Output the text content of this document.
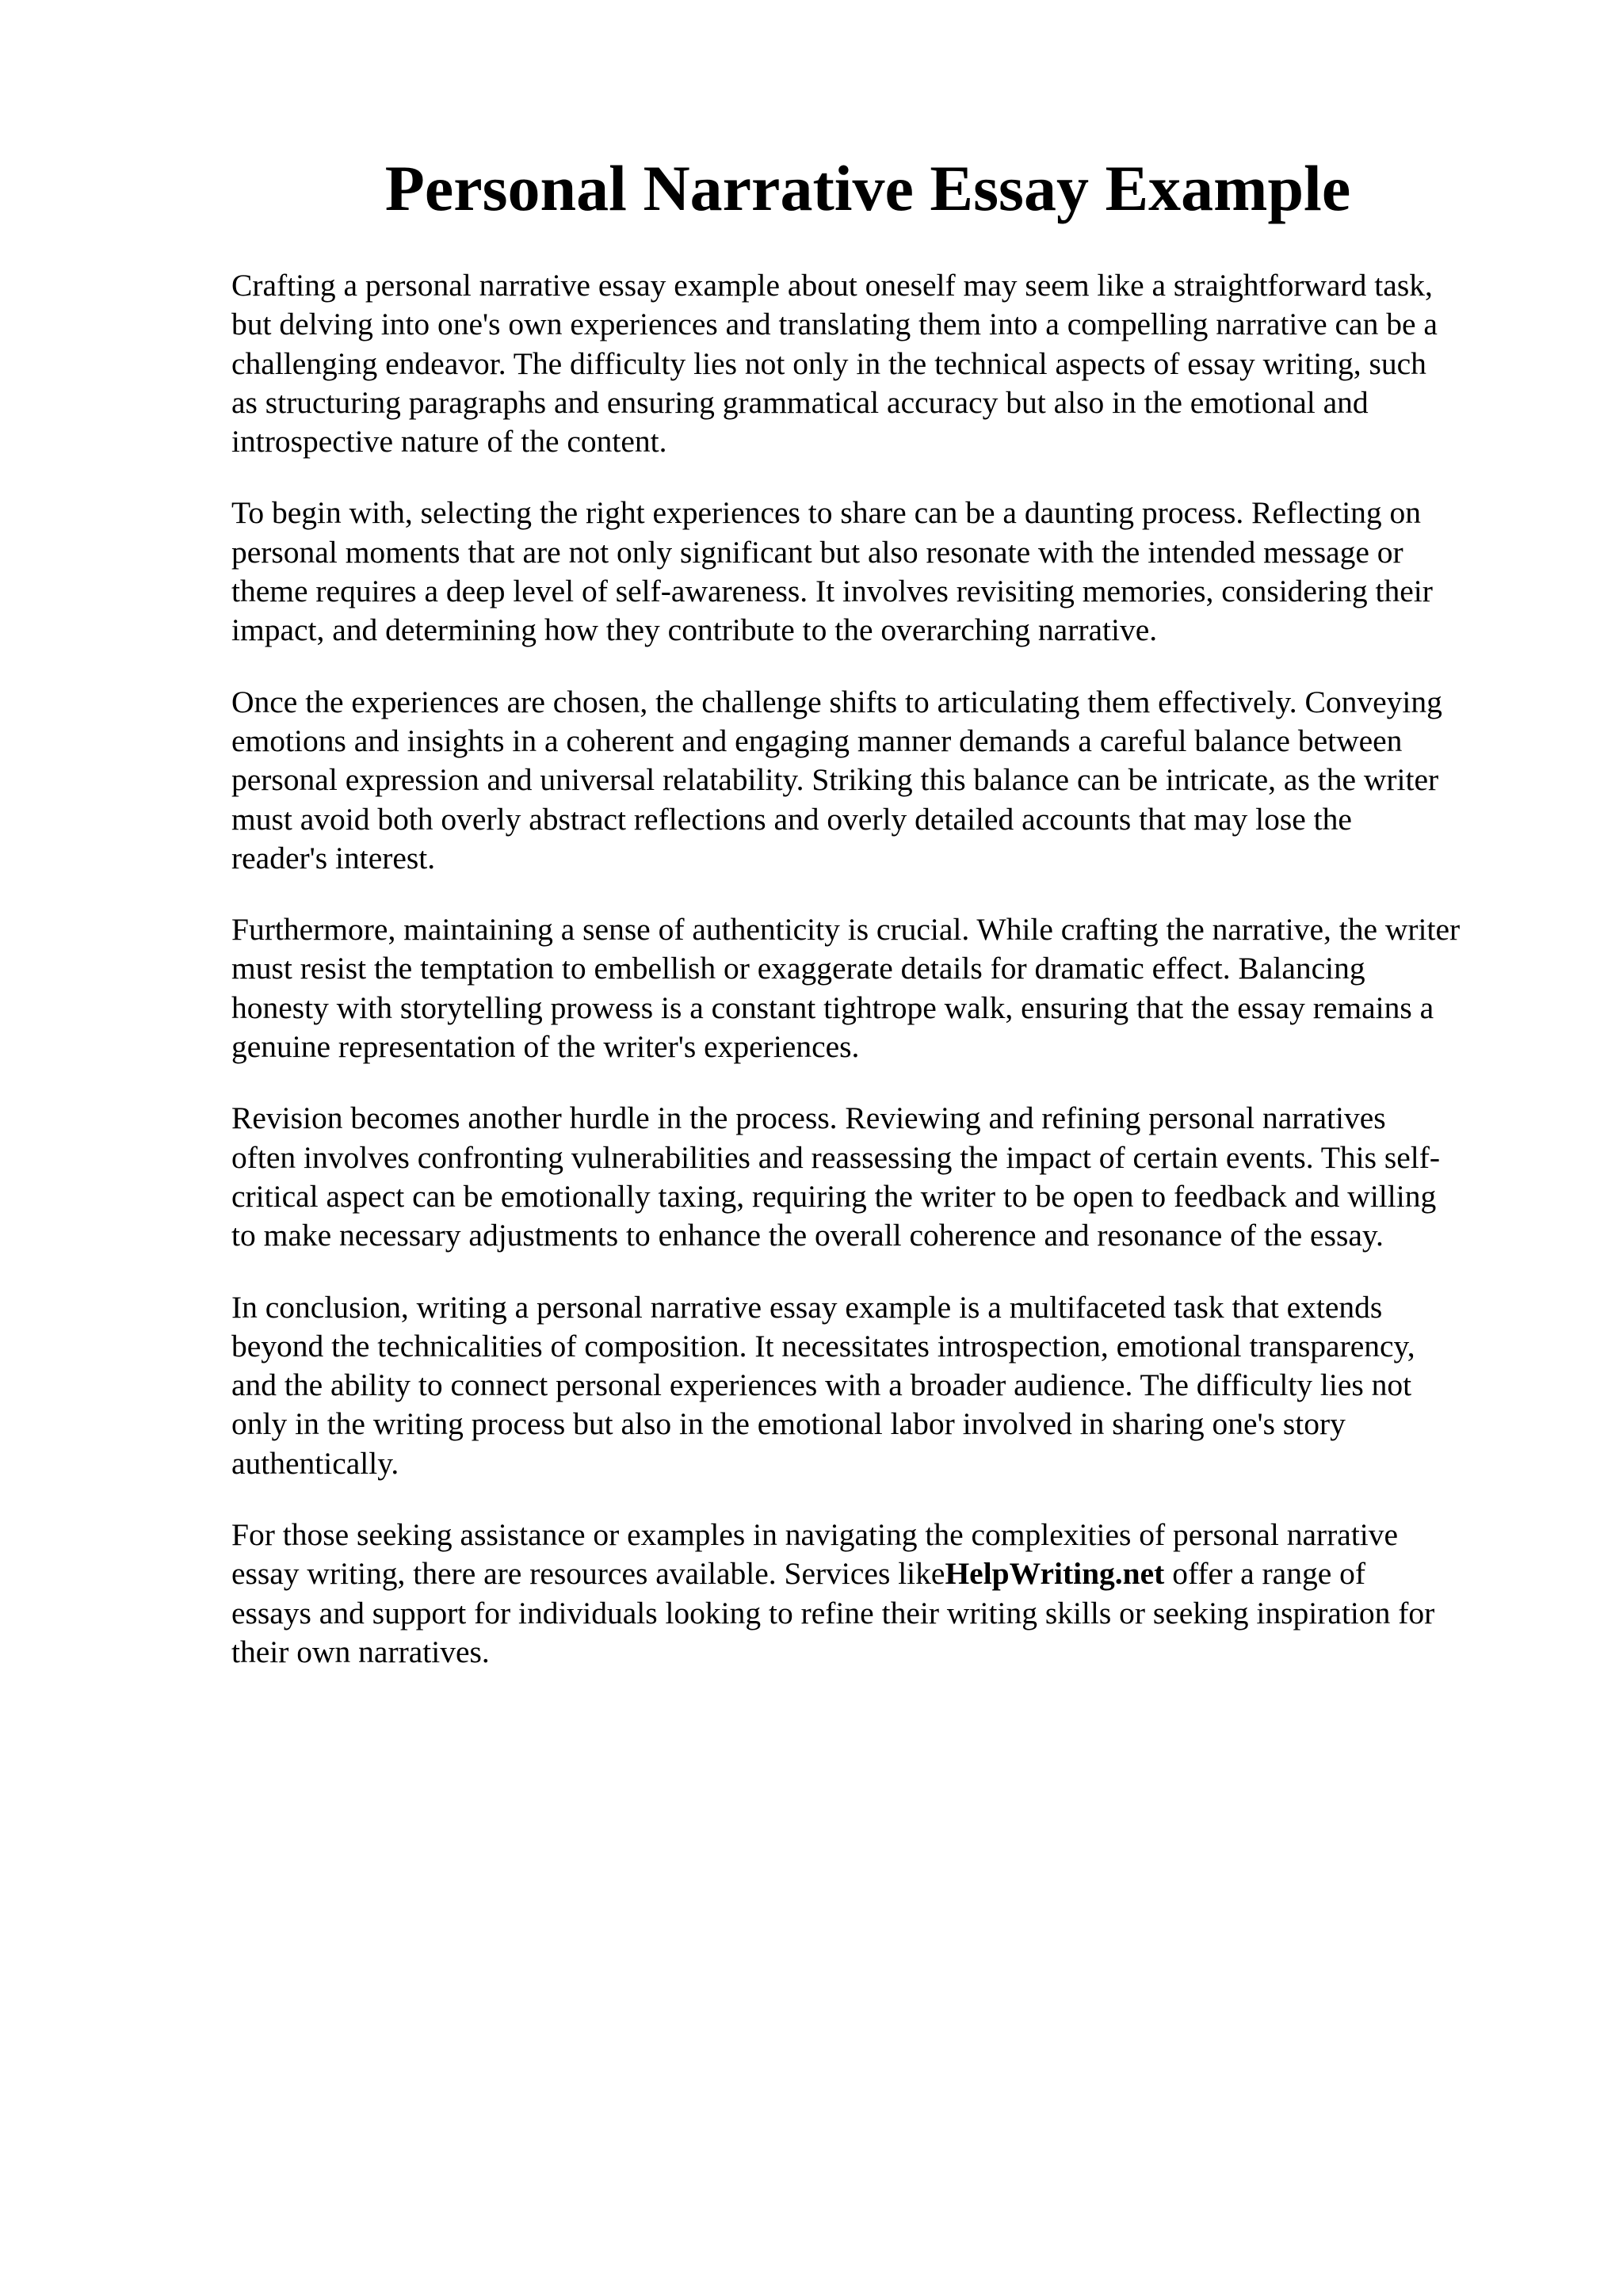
Personal Narrative Essay Example

Crafting a personal narrative essay example about oneself may seem like a straightforward task,
but delving into one's own experiences and translating them into a compelling narrative can be a
challenging endeavor. The difficulty lies not only in the technical aspects of essay writing, such
as structuring paragraphs and ensuring grammatical accuracy but also in the emotional and
introspective nature of the content.

To begin with, selecting the right experiences to share can be a daunting process. Reflecting on
personal moments that are not only significant but also resonate with the intended message or
theme requires a deep level of self-awareness. It involves revisiting memories, considering their
impact, and determining how they contribute to the overarching narrative.

Once the experiences are chosen, the challenge shifts to articulating them effectively. Conveying
emotions and insights in a coherent and engaging manner demands a careful balance between
personal expression and universal relatability. Striking this balance can be intricate, as the writer
must avoid both overly abstract reflections and overly detailed accounts that may lose the
reader's interest.

Furthermore, maintaining a sense of authenticity is crucial. While crafting the narrative, the writer
must resist the temptation to embellish or exaggerate details for dramatic effect. Balancing
honesty with storytelling prowess is a constant tightrope walk, ensuring that the essay remains a
genuine representation of the writer's experiences.

Revision becomes another hurdle in the process. Reviewing and refining personal narratives
often involves confronting vulnerabilities and reassessing the impact of certain events. This self-
critical aspect can be emotionally taxing, requiring the writer to be open to feedback and willing
to make necessary adjustments to enhance the overall coherence and resonance of the essay.

In conclusion, writing a personal narrative essay example is a multifaceted task that extends
beyond the technicalities of composition. It necessitates introspection, emotional transparency,
and the ability to connect personal experiences with a broader audience. The difficulty lies not
only in the writing process but also in the emotional labor involved in sharing one's story
authentically.

For those seeking assistance or examples in navigating the complexities of personal narrative
essay writing, there are resources available. Services likeHelpWriting.net offer a range of
essays and support for individuals looking to refine their writing skills or seeking inspiration for
their own narratives.
